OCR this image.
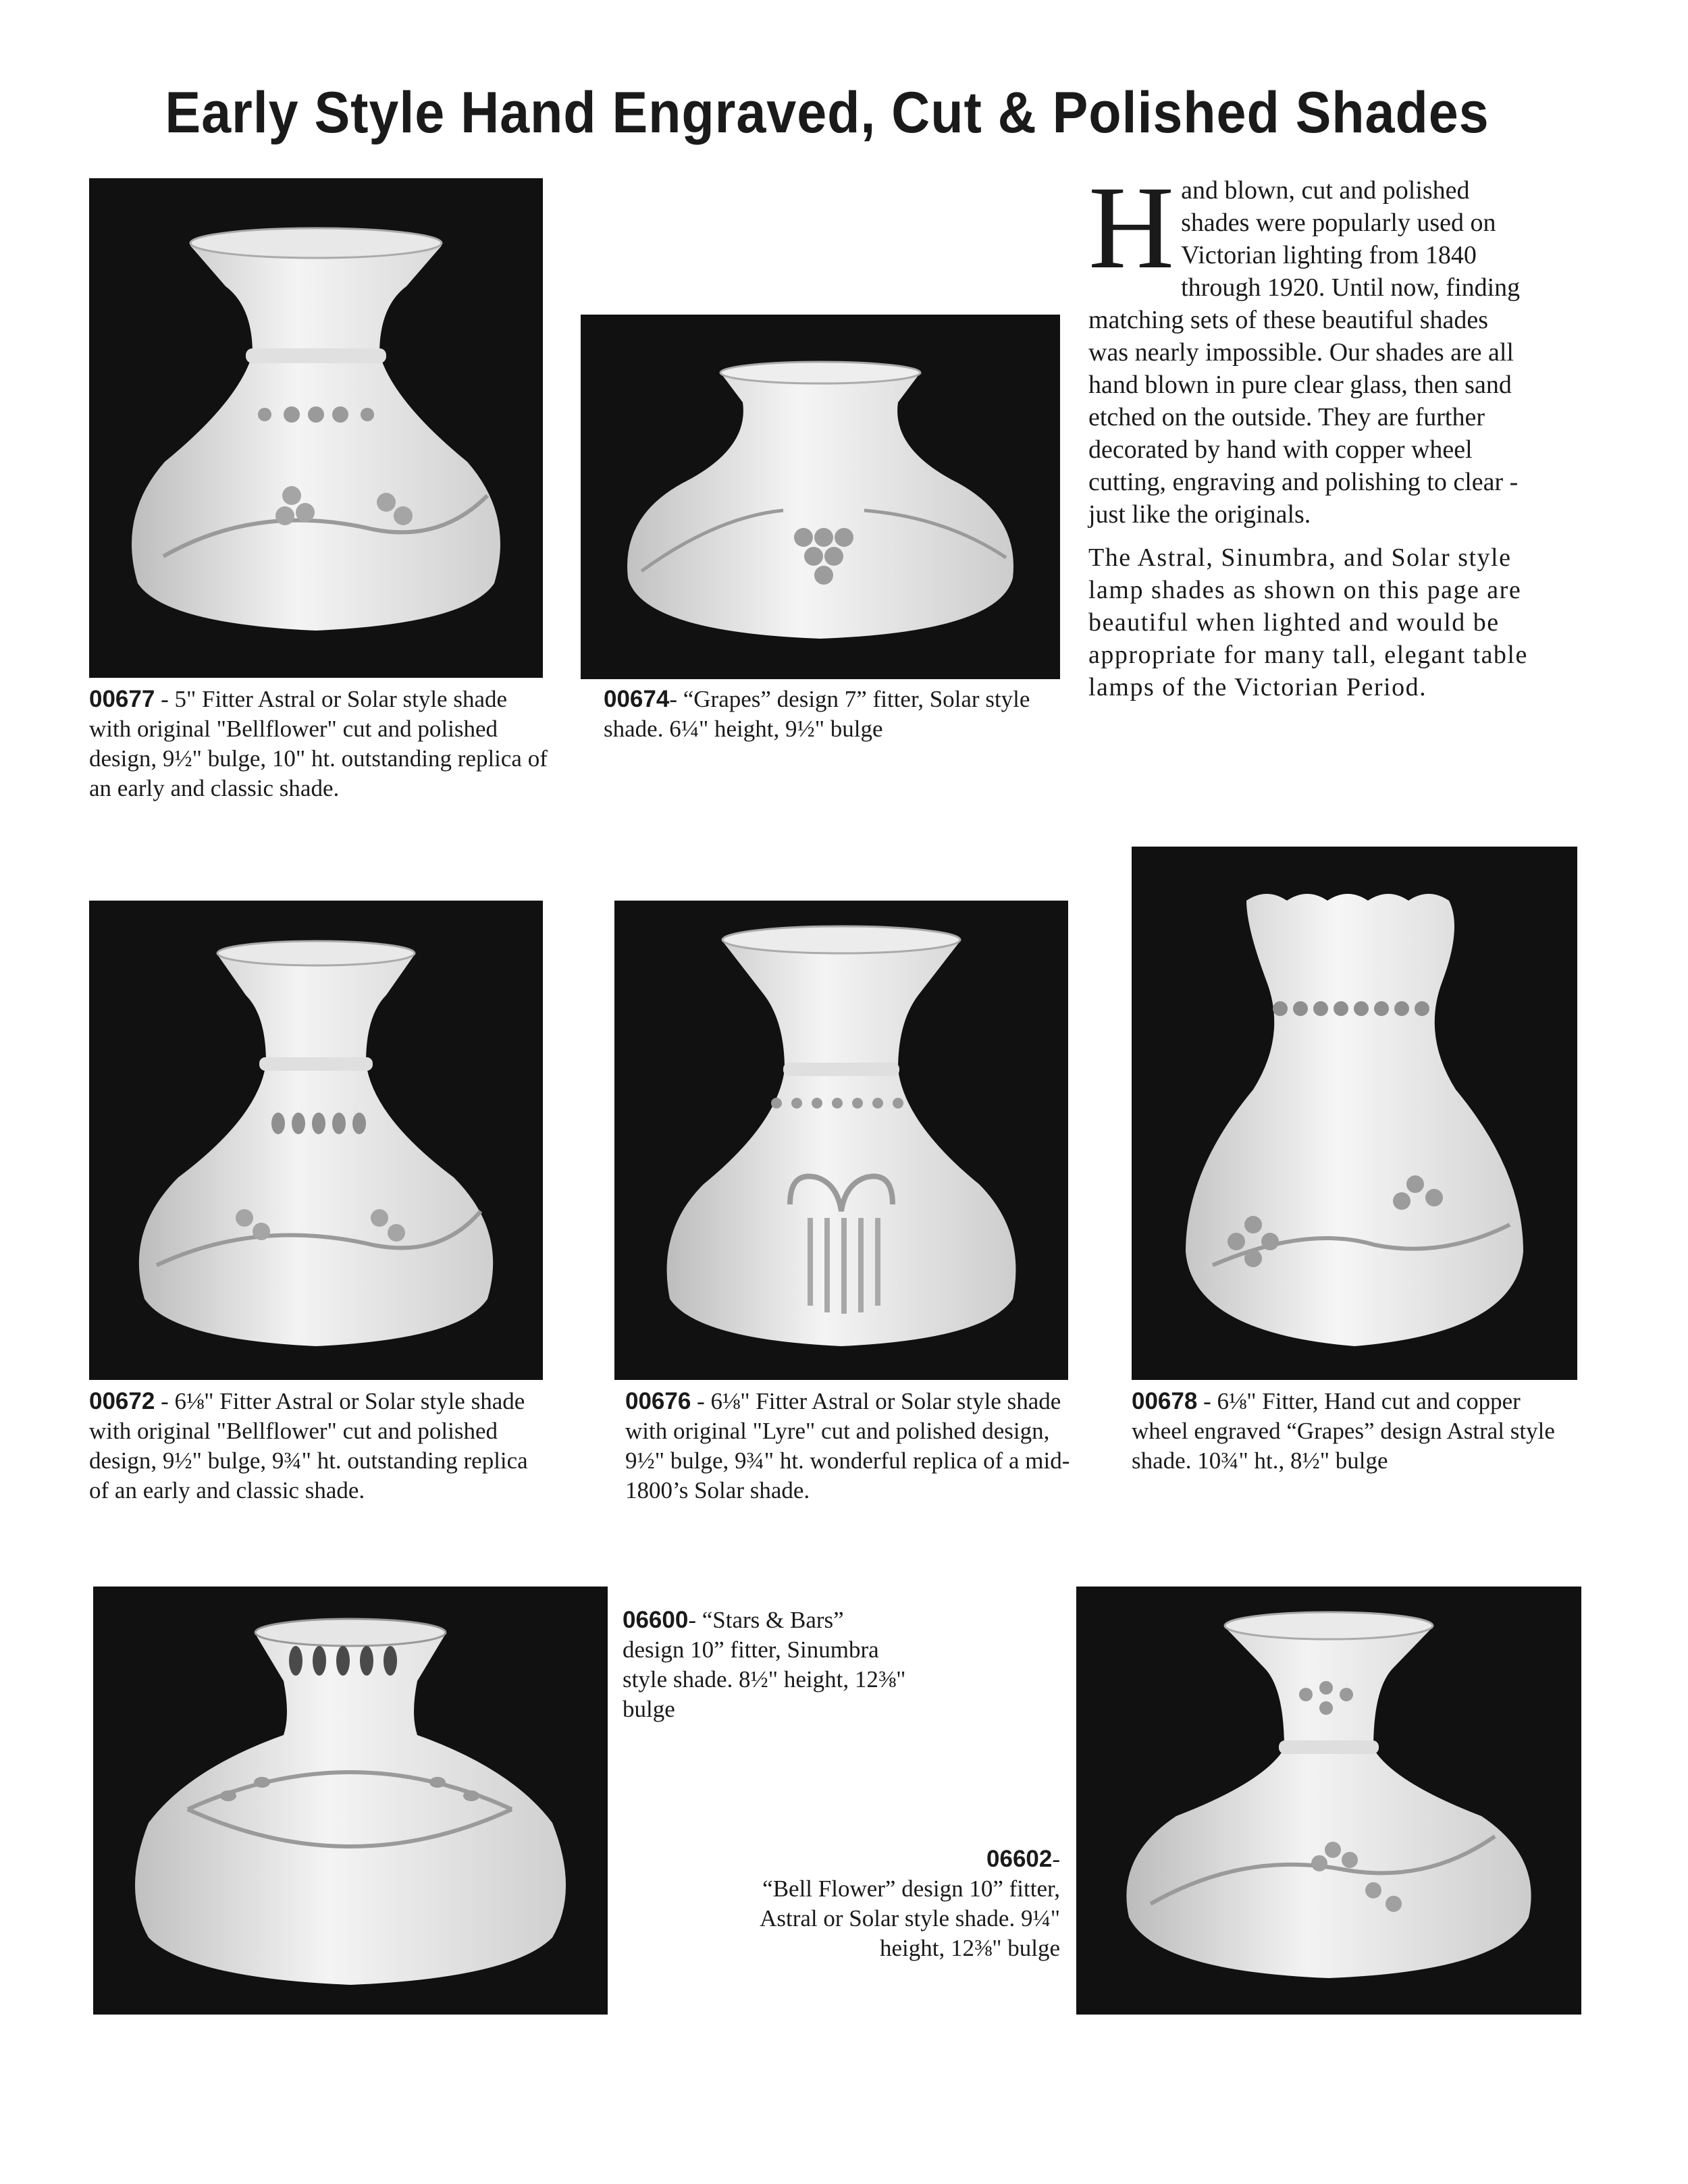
Early Style Hand Engraved, Cut & Polished Shades
00677 - 5" Fitter Astral or Solar style shade with original "Bellflower" cut and polished design, 9½" bulge, 10" ht. outstanding replica of an early and classic shade.
00674- “Grapes” design 7” fitter, Solar style shade. 6¼" height, 9½" bulge

Hand blown, cut and polished shades were popularly used on Victorian lighting from 1840 through 1920. Until now, finding matching sets of these beautiful shades was nearly impossible. Our shades are all hand blown in pure clear glass, then sand etched on the outside. They are further decorated by hand with copper wheel cutting, engraving and polishing to clear - just like the originals.

The Astral, Sinumbra, and Solar style lamp shades as shown on this page are beautiful when lighted and would be appropriate for many tall, elegant table lamps of the Victorian Period.

00672 - 6⅛" Fitter Astral or Solar style shade with original "Bellflower" cut and polished design, 9½" bulge, 9¾" ht. outstanding replica of an early and classic shade.
00676 - 6⅛" Fitter Astral or Solar style shade with original "Lyre" cut and polished design, 9½" bulge, 9¾" ht. wonderful replica of a mid-1800’s Solar shade.
00678 - 6⅛" Fitter, Hand cut and copper wheel engraved “Grapes” design Astral style shade. 10¾" ht., 8½" bulge
06600- “Stars & Bars” design 10” fitter, Sinumbra style shade. 8½" height, 12⅜" bulge
06602-
“Bell Flower” design 10” fitter, Astral or Solar style shade. 9¼" height, 12⅜" bulge
